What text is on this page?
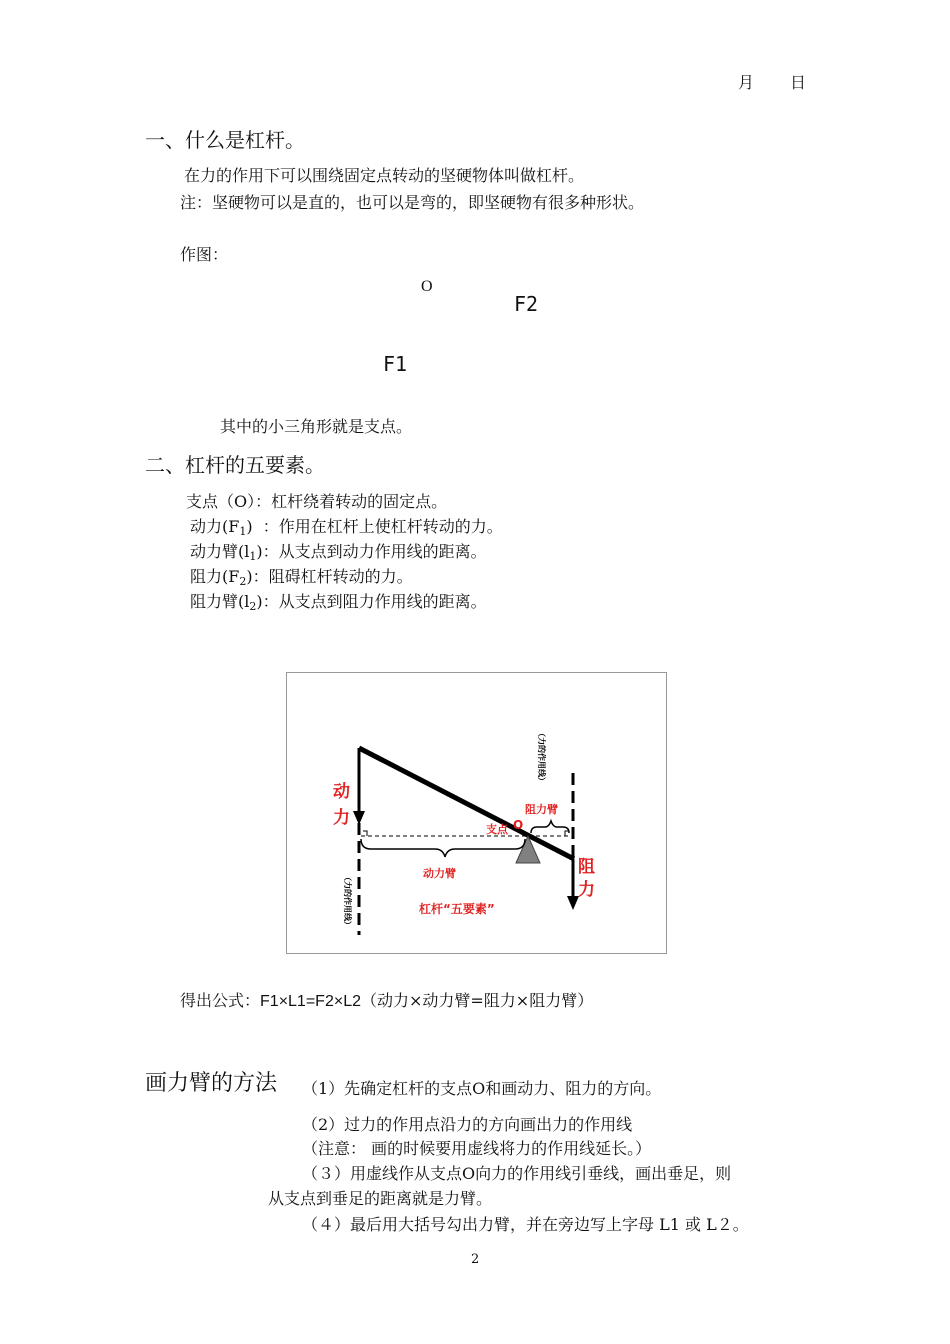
月 日
一、什么是杠杆。
在力的作用下可以围绕固定点转动的坚硬物体叫做杠杆。
注：坚硬物可以是直的，也可以是弯的，即坚硬物有很多种形状。
作图：
O
F2
F1
其中的小三角形就是支点。
二、杠杆的五要素。
支点（O）：杠杆绕着转动的固定点。
动力$(F_1)$  ：作用在杠杆上使杠杆转动的力。
动力臂$(l_1)$：从支点到动力作用线的距离。
阻力$(F_2)$：阻碍杠杆转动的力。
阻力臂$(l_2)$：从支点到阻力作用线的距离。
动
力
阻
力
动力臂
阻力臂
支点 O
杠杆“五要素”
（力的作用线）
（力的作用线）
得出公式：F1×L1=F2×L2（动力×动力臂=阻力×阻力臂）
画力臂的方法 （1）先确定杠杆的支点O和画动力、阻力的方向。
（2）过力的作用点沿力的方向画出力的作用线
（注意： 画的时候要用虚线将力的作用线延长。）
（３）用虚线作从支点O向力的作用线引垂线，画出垂足，则
从支点到垂足的距离就是力臂。
（４）最后用大括号勾出力臂，并在旁边写上字母 L1 或 L２。
2
